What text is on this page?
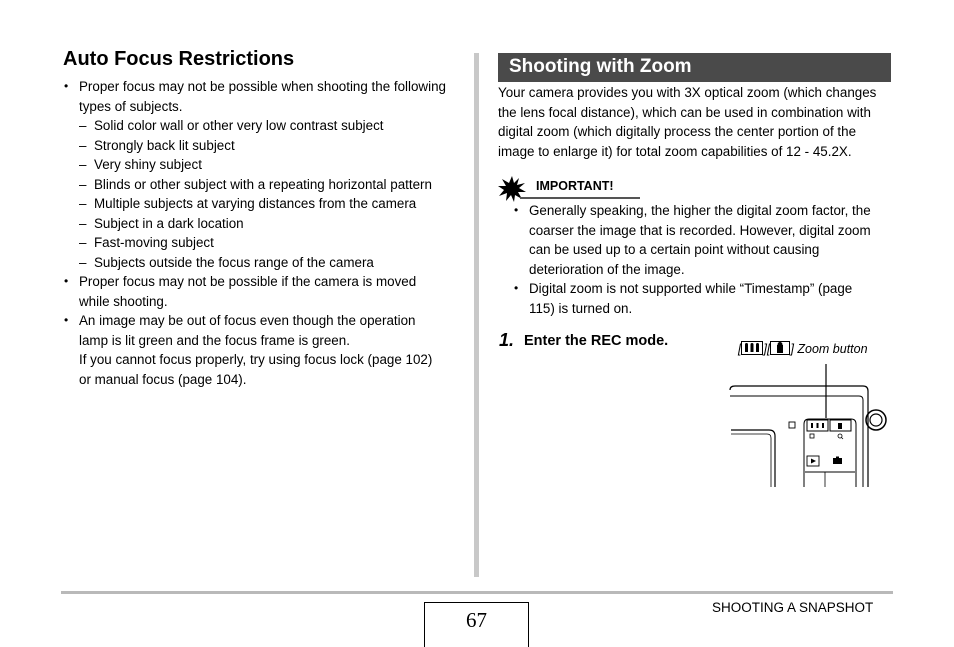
Auto Focus Restrictions
• Proper focus may not be possible when shooting the following
types of subjects.
– Solid color wall or other very low contrast subject
– Strongly back lit subject
– Very shiny subject
– Blinds or other subject with a repeating horizontal pattern
– Multiple subjects at varying distances from the camera
– Subject in a dark location
– Fast-moving subject
– Subjects outside the focus range of the camera
• Proper focus may not be possible if the camera is moved
while shooting.
• An image may be out of focus even though the operation
lamp is lit green and the focus frame is green.
If you cannot focus properly, try using focus lock (page 102)
or manual focus (page 104).
Shooting with Zoom
Your camera provides you with 3X optical zoom (which changes
the lens focal distance), which can be used in combination with
digital zoom (which digitally process the center portion of the
image to enlarge it) for total zoom capabilities of 12 - 45.2X.
IMPORTANT!
• Generally speaking, the higher the digital zoom factor, the
coarser the image that is recorded. However, digital zoom
can be used up to a certain point without causing
deterioration of the image.
• Digital zoom is not supported while “Timestamp” (page
115) is turned on.
1. Enter the REC mode.	[ ][ ] Zoom button
67
SHOOTING A SNAPSHOT
